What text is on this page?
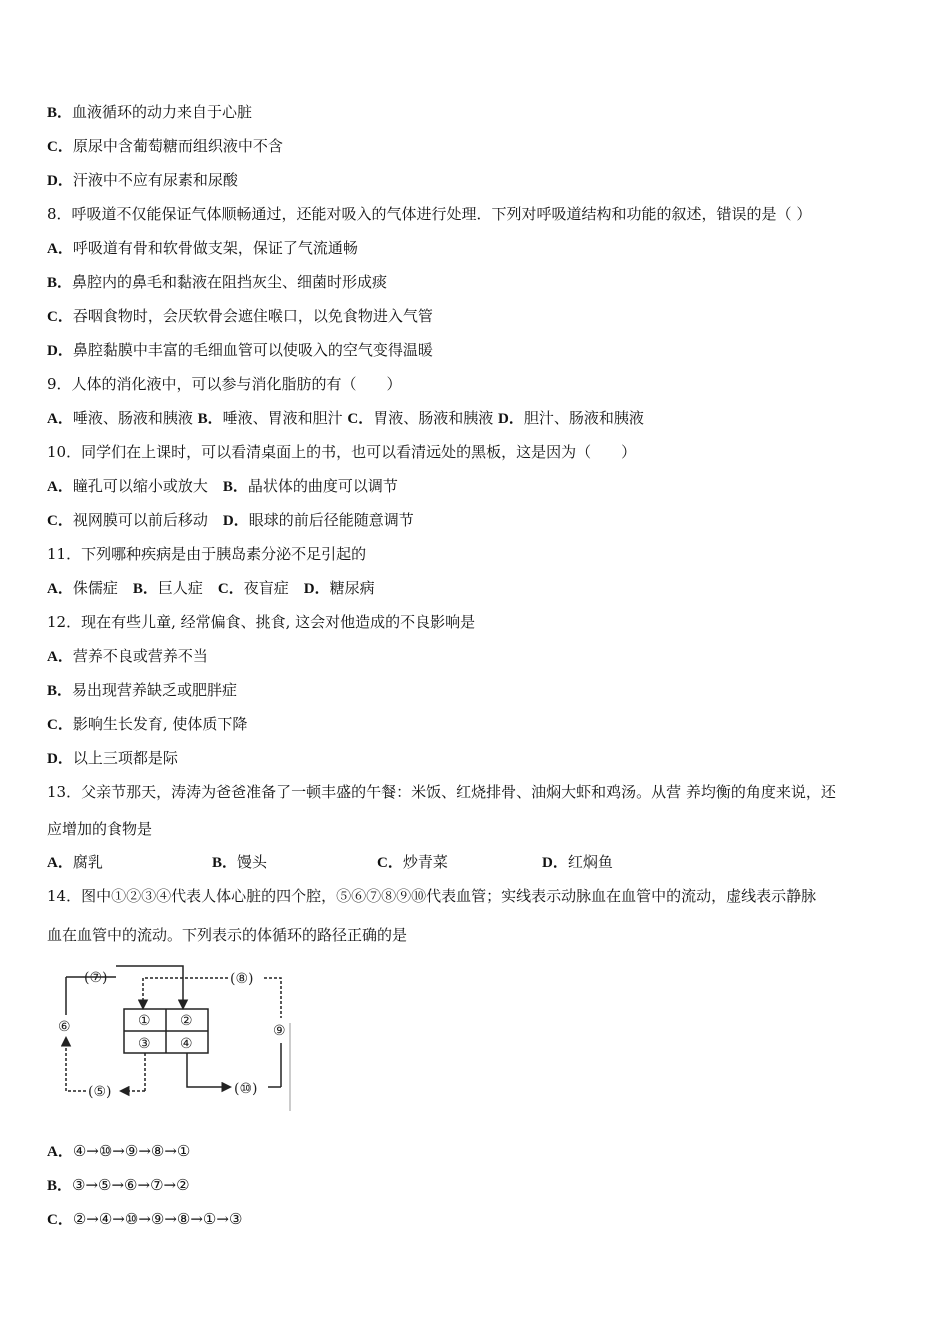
B．血液循环的动力来自于心脏
C．原尿中含葡萄糖而组织液中不含
D．汗液中不应有尿素和尿酸
8．呼吸道不仅能保证气体顺畅通过，还能对吸入的气体进行处理．下列对呼吸道结构和功能的叙述，错误的是（ ）
A．呼吸道有骨和软骨做支架，保证了气流通畅
B．鼻腔内的鼻毛和黏液在阻挡灰尘、细菌时形成痰
C．吞咽食物时，会厌软骨会遮住喉口，以免食物进入气管
D．鼻腔黏膜中丰富的毛细血管可以使吸入的空气变得温暖
9．人体的消化液中，可以参与消化脂肪的有（　　）
A．唾液、肠液和胰液 B．唾液、胃液和胆汁 C．胃液、肠液和胰液 D．胆汁、肠液和胰液
10．同学们在上课时，可以看清桌面上的书，也可以看清远处的黑板，这是因为（　　）
A．瞳孔可以缩小或放大　B．晶状体的曲度可以调节
C．视网膜可以前后移动　D．眼球的前后径能随意调节
11．下列哪种疾病是由于胰岛素分泌不足引起的
A．侏儒症　B．巨人症　C．夜盲症　D．糖尿病
12．现在有些儿童, 经常偏食、挑食, 这会对他造成的不良影响是
A．营养不良或营养不当
B．易出现营养缺乏或肥胖症
C．影响生长发育, 使体质下降
D．以上三项都是际
13．父亲节那天，涛涛为爸爸准备了一顿丰盛的午餐：米饭、红烧排骨、油焖大虾和鸡汤。从营 养均衡的角度来说，还
应增加的食物是
A．腐乳	B．馒头	C．炒青菜	D．红焖鱼
14．图中①②③④代表人体心脏的四个腔，⑤⑥⑦⑧⑨⑩代表血管；实线表示动脉血在血管中的流动，虚线表示静脉
血在血管中的流动。下列表示的体循环的路径正确的是
① ②
③ ④
(⑦)
⑥
(⑤)
(⑧)
⑨
(⑩)
A．④→⑩→⑨→⑧→①
B．③→⑤→⑥→⑦→②
C．②→④→⑩→⑨→⑧→①→③
